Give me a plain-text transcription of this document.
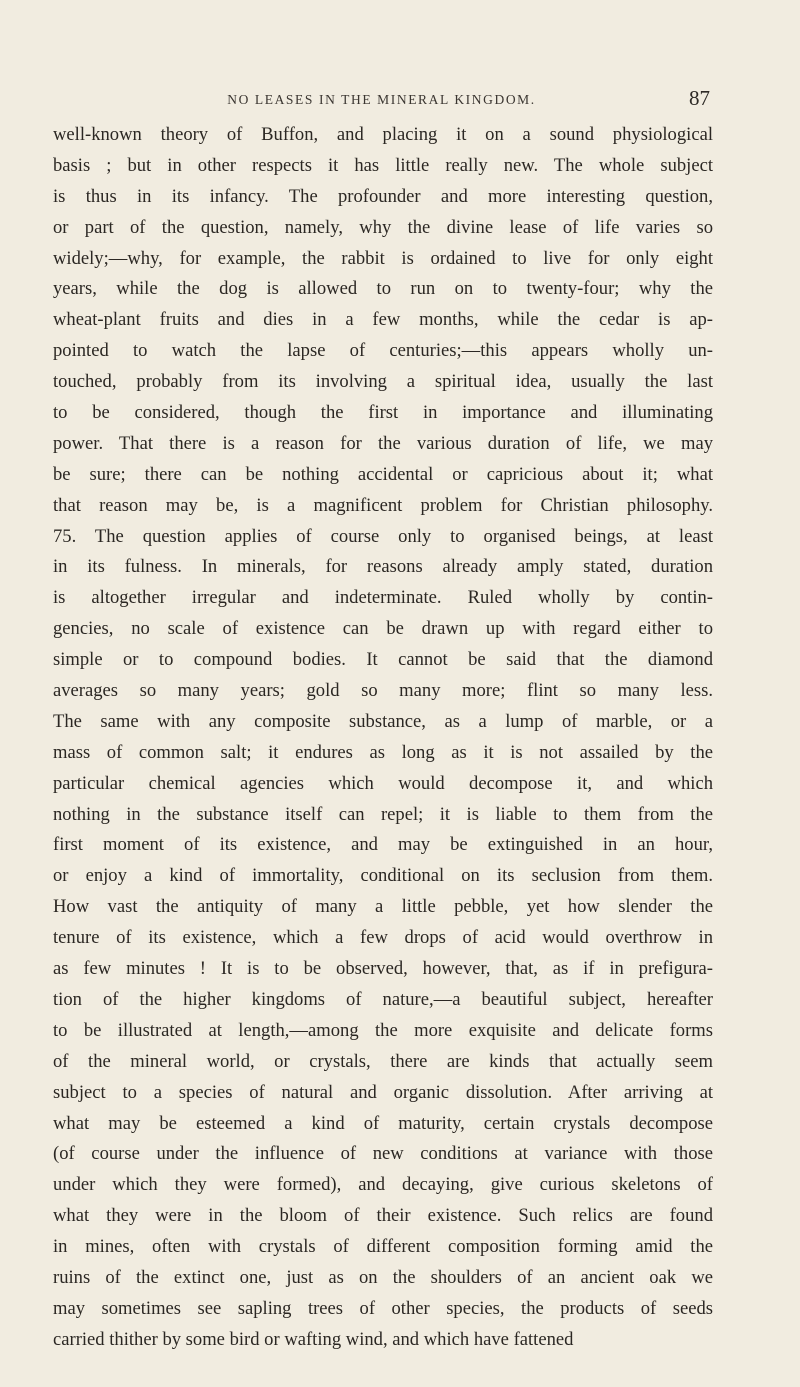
NO LEASES IN THE MINERAL KINGDOM.	87
well-known theory of Buffon, and placing it on a sound physiological
basis ; but in other respects it has little really new. The whole subject
is thus in its infancy. The profounder and more interesting question,
or part of the question, namely, why the divine lease of life varies so
widely;—why, for example, the rabbit is ordained to live for only eight
years, while the dog is allowed to run on to twenty-four; why the
wheat-plant fruits and dies in a few months, while the cedar is ap-
pointed to watch the lapse of centuries;—this appears wholly un-
touched, probably from its involving a spiritual idea, usually the last
to be considered, though the first in importance and illuminating
power. That there is a reason for the various duration of life, we may
be sure; there can be nothing accidental or capricious about it; what
that reason may be, is a magnificent problem for Christian philosophy.
75. The question applies of course only to organised beings, at least
in its fulness. In minerals, for reasons already amply stated, duration
is altogether irregular and indeterminate. Ruled wholly by contin-
gencies, no scale of existence can be drawn up with regard either to
simple or to compound bodies. It cannot be said that the diamond
averages so many years; gold so many more; flint so many less.
The same with any composite substance, as a lump of marble, or a
mass of common salt; it endures as long as it is not assailed by the
particular chemical agencies which would decompose it, and which
nothing in the substance itself can repel; it is liable to them from the
first moment of its existence, and may be extinguished in an hour,
or enjoy a kind of immortality, conditional on its seclusion from them.
How vast the antiquity of many a little pebble, yet how slender the
tenure of its existence, which a few drops of acid would overthrow in
as few minutes ! It is to be observed, however, that, as if in prefigura-
tion of the higher kingdoms of nature,—a beautiful subject, hereafter
to be illustrated at length,—among the more exquisite and delicate forms
of the mineral world, or crystals, there are kinds that actually seem
subject to a species of natural and organic dissolution. After arriving at
what may be esteemed a kind of maturity, certain crystals decompose
(of course under the influence of new conditions at variance with those
under which they were formed), and decaying, give curious skeletons of
what they were in the bloom of their existence. Such relics are found
in mines, often with crystals of different composition forming amid the
ruins of the extinct one, just as on the shoulders of an ancient oak we
may sometimes see sapling trees of other species, the products of seeds
carried thither by some bird or wafting wind, and which have fattened
